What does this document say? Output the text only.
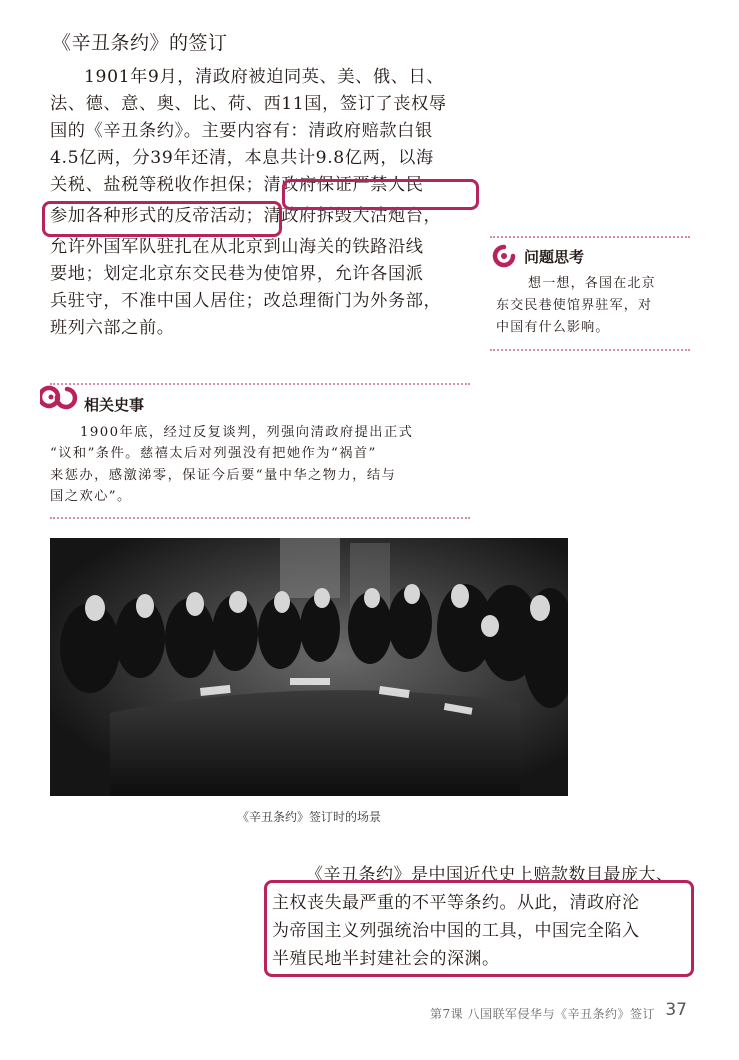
《辛丑条约》的签订
1901年9月，清政府被迫同英、美、俄、日、
法、德、意、奥、比、荷、西11国，签订了丧权辱
国的《辛丑条约》。主要内容有：清政府赔款白银
4.5亿两，分39年还清，本息共计9.8亿两，以海
关税、盐税等税收作担保；清政府保证严禁人民
参加各种形式的反帝活动；清政府拆毁大沽炮台，
允许外国军队驻扎在从北京到山海关的铁路沿线
要地；划定北京东交民巷为使馆界，允许各国派
兵驻守，不准中国人居住；改总理衙门为外务部，
班列六部之前。
问题思考
想一想，各国在北京
东交民巷使馆界驻军，对
中国有什么影响。
相关史事
1900年底，经过反复谈判，列强向清政府提出正式
“议和”条件。慈禧太后对列强没有把她作为“祸首”
来惩办，感激涕零，保证今后要“量中华之物力，结与
国之欢心”。
《辛丑条约》签订时的场景
《辛丑条约》是中国近代史上赔款数目最庞大、
主权丧失最严重的不平等条约。从此，清政府沦
为帝国主义列强统治中国的工具，中国完全陷入
半殖民地半封建社会的深渊。
第7课 八国联军侵华与《辛丑条约》签订 37
